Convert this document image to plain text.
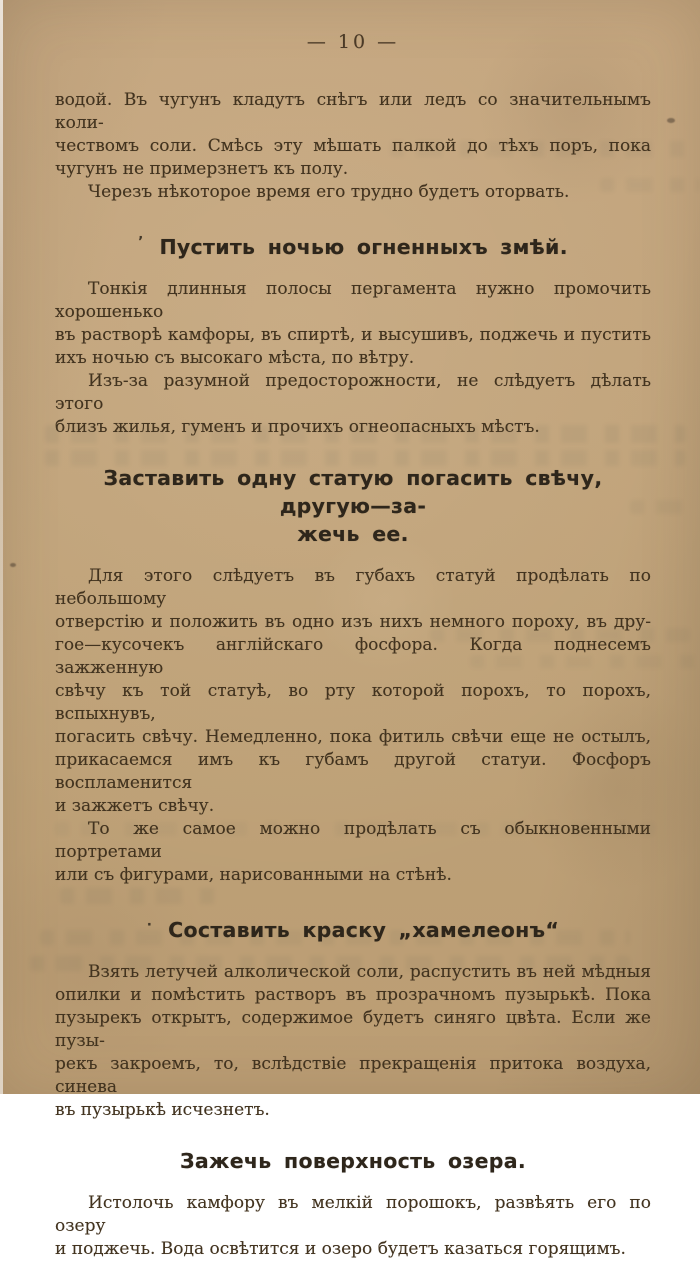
— 10 —
водой. Въ чугунъ кладутъ снѣгъ или ледъ со значительнымъ коли-
чествомъ соли. Смѣсь эту мѣшать палкой до тѣхъ поръ, пока
чугунъ не примерзнетъ къ полу.
Черезъ нѣкоторое время его трудно будетъ оторвать.
’ Пустить ночью огненныхъ змѣй.
Тонкія длинныя полосы пергамента нужно промочить хорошенько
въ растворѣ камфоры, въ спиртѣ, и высушивъ, поджечь и пустить
ихъ ночью съ высокаго мѣста, по вѣтру.
Изъ-за разумной предосторожности, не слѣдуетъ дѣлать этого
близъ жилья, гуменъ и прочихъ огнеопасныхъ мѣстъ.
Заставить одну статую погасить свѣчу, другую—за-
жечь ее.
Для этого слѣдуетъ въ губахъ статуй продѣлать по небольшому
отверстію и положить въ одно изъ нихъ немного пороху, въ дру-
гое—кусочекъ англійскаго фосфора. Когда поднесемъ зажженную
свѣчу къ той статуѣ, во рту которой порохъ, то порохъ, вспыхнувъ,
погасить свѣчу. Немедленно, пока фитиль свѣчи еще не остылъ,
прикасаемся имъ къ губамъ другой статуи. Фосфоръ воспламенится
и зажжетъ свѣчу.
То же самое можно продѣлать съ обыкновенными портретами
или съ фигурами, нарисованными на стѣнѣ.
· Составить краску „хамелеонъ“
Взять летучей алколической соли, распустить въ ней мѣдныя
опилки и помѣстить растворъ въ прозрачномъ пузырькѣ. Пока
пузырекъ открытъ, содержимое будетъ синяго цвѣта. Если же пузы-
рекъ закроемъ, то, вслѣдствіе прекращенія притока воздуха, синева
въ пузырькѣ исчезнетъ.
Зажечь поверхность озера.
Истолочь камфору въ мелкій порошокъ, развѣять его по озеру
и поджечь. Вода освѣтится и озеро будетъ казаться горящимъ.
